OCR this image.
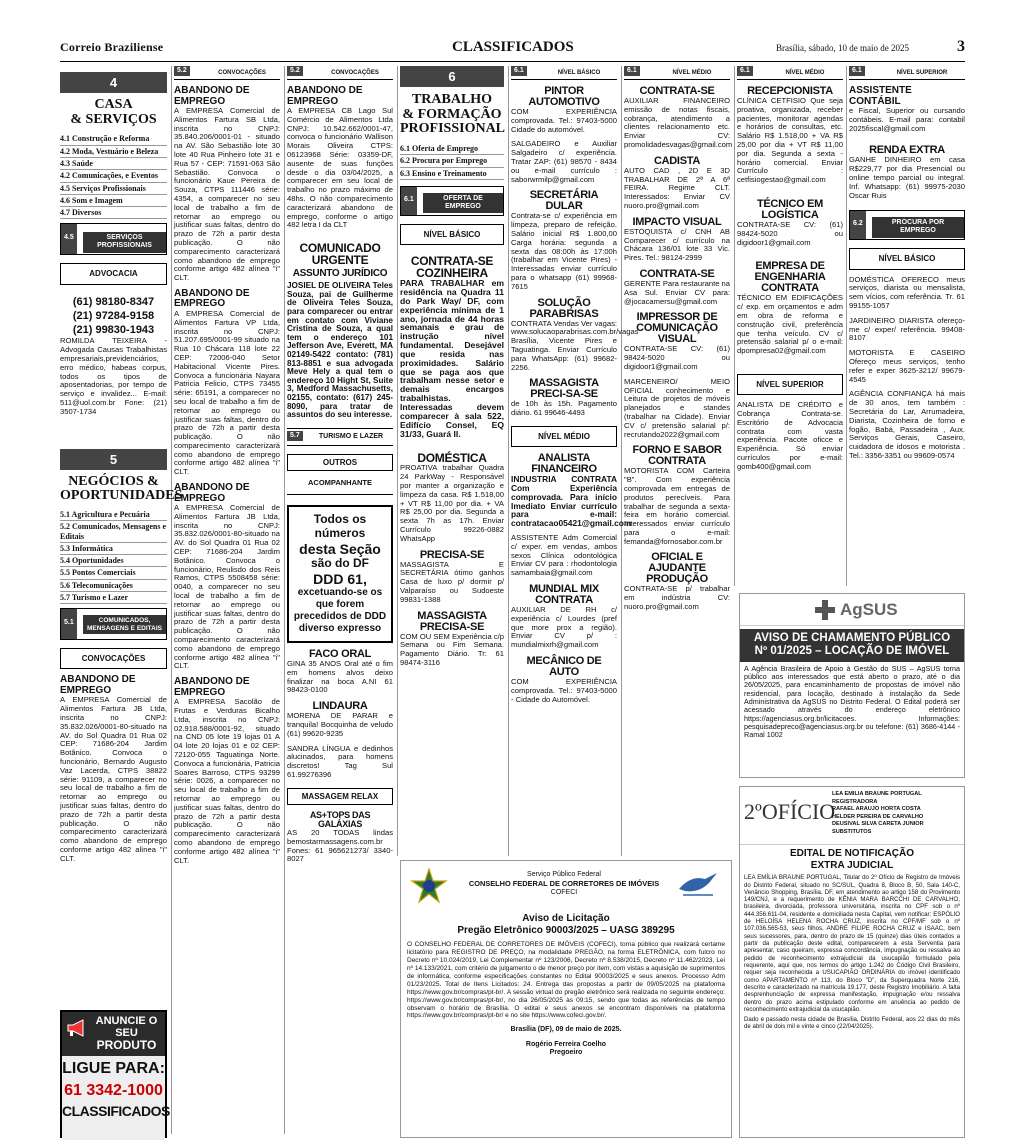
Correio Braziliense	CLASSIFICADOS	Brasília, sábado, 10 de maio de 2025	3
4
CASA
& SERVIÇOS
4.1 Construção e Reforma
4.2 Moda, Vestuário e Beleza
4.3 Saúde
4.2 Comunicações, e Eventos
4.5 Serviços Profissionais
4.6 Som e Imagem
4.7 Diversos
4.5	SERVIÇOS PROFISSIONAIS
ADVOCACIA
(61) 98180-8347
(21) 97284-9158
(21) 99830-1943
ROMILDA TEIXEIRA - Advogada Causas Trabalhistas empresariais,previdenciários, erro médico, habeas corpus, todos os tipos de aposentadorias, por tempo de serviço e invalidez... E-mail: 511@uol.com.br Fone: (21) 3507-1734
5
NEGÓCIOS &
OPORTUNIDADES
5.1 Agricultura e Pecuária
5.2 Comunicados, Mensagens e Editais
5.3 Informática
5.4 Oportunidades
5.5 Pontos Comerciais
5.6 Telecomunicações
5.7 Turismo e Lazer
5.1	COMUNICADOS, MENSAGENS E EDITAIS
CONVOCAÇÕES
ABANDONO DE EMPREGO
A EMPRESA Comercial de Alimentos Fartura JB Ltda, inscrita no CNPJ: 35.832.026/0001-80-situado na AV. do Sol Quadra 01 Rua 02 CEP: 71686-204 Jardim Botânico. Convoca o funcionário, Bernardo Augusto Vaz Lacerda, CTPS 38822 série: 91109, a comparecer no seu local de trabalho a fim de retornar ao emprego ou justificar suas faltas, dentro do prazo de 72h a partir desta publicação. O não comparecimento caracterizará como abandono de emprego conforme artigo 482 alínea "i" CLT.
ANUNCIE O SEU
PRODUTO
LIGUE PARA:
61 3342-1000
CLASSIFICADOS
5.2	CONVOCAÇÕES
ABANDONO DE EMPREGO
A EMPRESA Comercial de Alimentos Fartura SB Ltda, inscrita no CNPJ: 35.840.206/0001-01 - situado na AV. São Sebastião lote 30 lote 40 Rua Pinheiro lote 31 e Rua 57 - CEP: 71591-063 São Sebastião. Convoca o funcionário Kaue Pereira de Souza, CTPS 111446 série: 4354, a comparecer no seu local de trabalho a fim de retornar ao emprego ou justificar suas faltas, dentro do prazo de 72h a partir desta publicação. O não comparecimento caracterizará como abandono de emprego conforme artigo 482 alínea "i" CLT.
ABANDONO DE EMPREGO
A EMPRESA Comercial de Alimentos Fartura VP Ltda, inscrita no CNPJ: 51.207.695/0001-99 situado na Rua 10 Chácara 118 lote 22 CEP: 72006-040 Setor Habitacional Vicente Pires. Convoca a funcionária Nayara Patricia Felicio, CTPS 73455 série: 65191, a comparecer no seu local de trabalho a fim de retornar ao emprego ou justificar suas faltas, dentro do prazo de 72h a partir desta publicação. O não comparecimento caracterizará como abandono de emprego conforme artigo 482 alínea "i" CLT.
ABANDONO DE EMPREGO
A EMPRESA Comercial de Alimentos Fartura JB Ltda, inscrita no CNPJ: 35.832.026/0001-80-situado na AV. do Sol Quadra 01 Rua 02 CEP: 71686-204 Jardim Botânico. Convoca o funcionário, Reulisdo dos Reis Ramos, CTPS 5508458 série: 0040, a comparecer no seu local de trabalho a fim de retornar ao emprego ou justificar suas faltas, dentro do prazo de 72h a partir desta publicação. O não comparecimento caracterizará como abandono de emprego conforme artigo 482 alínea "i" CLT.
ABANDONO DE EMPREGO
A EMPRESA Sacolão de Frutas e Verduras Bicalho Ltda, inscrita no CNPJ: 02.918.588/0001-92, situado na CND 05 lote 19 lojas 01 A 04 lote 20 lojas 01 e 02 CEP: 72120-055 Taguatinga Norte. Convoca a funcionária, Patricia Soares Barroso, CTPS 93299 série: 0026, a comparecer no seu local de trabalho a fim de retornar ao emprego ou justificar suas faltas, dentro do prazo de 72h a partir desta publicação. O não comparecimento caracterizará como abandono de emprego conforme artigo 482 alínea "i" CLT.
5.2	CONVOCAÇÕES
ABANDONO DE EMPREGO
A EMPRESA CB Lago Sul Comércio de Alimentos Ltda CNPJ: 10.542.662/0001-47, convoca o funcionário Wallison Morais Oliveira CTPS: 06123968 Série: 03359-DF, ausente de suas funções desde o dia 03/04/2025, a comparecer em seu local de trabalho no prazo máximo de 48hs. O não comparecimento caracterizará abandono de emprego, conforme o artigo 482 letra I da CLT
COMUNICADO URGENTE
ASSUNTO JURÍDICO
JOSIEL DE OLIVEIRA Teles Souza, pai de Guilherme de Oliveira Teles Souza, para comparecer ou entrar em contato com Viviane Cristina de Souza, a qual tem o endereço 101 Jefferson Ave, Everett, MA 02149-5422 contato: (781) 813-8851 e sua advogada Meve Hely a qual tem o endereço 10 Hight St, Suite 3, Medford Massachusetts, 02155, contato: (617) 245-8090, para tratar de assuntos do seu interesse.
5.7	TURISMO E LAZER
OUTROS
ACOMPANHANTE
Todos os
números
desta Seção
são do DF
DDD 61,
excetuando-se os que forem precedidos de DDD diverso expresso
FACO ORAL
GINA 35 ANOS Oral até o fim em homens alvos deixo finalizar na boca A.NI 61 98423-0100
LINDAURA
MORENA DE PARAR e tranquila! Bocquinha de veludo (61) 99620-9235
SANDRA LÍNGUA e dedinhos alucinados, para homens discretos! Tag Sul 61.99276396
MASSAGEM RELAX
AS+TOPS DAS GALÁXIAS
AS 20 TODAS lindas bemostarmassagens.com.br Fones: 61 965621273/ 3340-8027
6
TRABALHO
& FORMAÇÃO
PROFISSIONAL
6.1 Oferta de Emprego
6.2 Procura por Emprego
6.3 Ensino e Treinamento
6.1	OFERTA DE EMPREGO
NÍVEL BÁSICO
CONTRATA-SE COZINHEIRA
PARA TRABALHAR em residência na Quadra 11 do Park Way/ DF, com experiência mínima de 1 ano, jornada de 44 horas semanais e grau de instrução nível fundamental. Desejável que resida nas proximidades. Salário que se paga aos que trabalham nesse setor e demais encargos trabalhistas. Interessadas devem comparecer à sala 522, Edifício Consel, EQ 31/33, Guará II.
DOMÉSTICA
PROATIVA trabalhar Quadra 24 ParkWay - Responsável por manter a organização e limpeza da casa. R$ 1.518,00 + VT R$ 11,00 por dia. + VA R$ 25,00 por dia. Segunda a sexta 7h as 17h. Enviar Currículo 99226-0882 WhatsApp
PRECISA-SE
MASSAGISTA E SECRETÁRIA ótimo ganhos Casa de luxo p/ dormir p/ Valparaíso ou Sudoeste 99831-1388
MASSAGISTA PRECISA-SE
COM OU SEM Experiência c/p Semana ou Fim Semana. Pagamento Diário. Tr: 61 98474-3116
6.1	NÍVEL BÁSICO
PINTOR AUTOMOTIVO
COM EXPERIÊNCIA comprovada. Tel.: 97403-5000 Cidade do automóvel.
SALGADEIRO e Auxiliar Salgadeiro c/ experiência. Tratar ZAP: (61) 98570 - 8434 ou e-mail currículo : saborwrmilp@gmail.com
SECRETÁRIA DULAR
Contrata-se c/ experiência em limpeza, preparo de refeição. Salário inicial R$ 1.800,00 Carga horária: segunda a sexta das 08:00h às 17:00h (trabalhar em Vicente Pires) - Interessadas enviar currículo para o whatsapp (61) 99968-7615
SOLUÇÃO PARABRISAS
CONTRATA Vendas Ver vagas: www.solucaoparabrisas.com.br/vagas Brasília, Vicente Pires e Taguatinga. Enviar Currículo para WhatsApp: (61) 99682-2256.
MASSAGISTA PRECI-SA-SE
de 10h às 15h. Pagamento diário. 61 99646-4493
NÍVEL MÉDIO
ANALISTA FINANCEIRO
INDUSTRIA CONTRATA Com Experiência comprovada. Para início Imediato Enviar currículo para e-mail: contratacao05421@gmail.com
ASSISTENTE Adm Comercial c/ exper. em vendas, ambos sexos Clínica odontológica Enviar CV para : rhodontologia samambaia@gmail.com
MUNDIAL MIX CONTRATA
AUXILIAR DE RH c/ experiência c/ Lourdes (pref que more prox a região). Enviar CV p/ : mundialmixrh@gmail.com
MECÂNICO DE AUTO
COM EXPERIÊNCIA comprovada. Tel.: 97403-5000 - Cidade do Automóvel.
6.1	NÍVEL MÉDIO
CONTRATA-SE
AUXILIAR FINANCEIRO emissão de notas fiscais, cobrança, atendimento a clientes relacionamento etc. Enviar CV: promolidadesvagas@gmail.com
CADISTA
AUTO CAD , 2D E 3D TRABALHAR DE 2ª A 6ª FEIRA. Regime CLT. Interessados: Enviar CV nuoro.pro@gmail.com
IMPACTO VISUAL
ESTOQUISTA c/ CNH AB Comparecer c/ currículo na Chácara 136/01 lote 33 Vic. Pires. Tel.: 98124-2999
CONTRATA-SE
GERENTE Para restaurante na Asa Sul. Enviar CV para: @jocacamersu@gmail.com
IMPRESSOR DE COMUNICAÇÃO VISUAL
CONTRATA-SE CV: (61) 98424-5020 ou digidoor1@gmail.com
MARCENEIRO/ MEIO OFICIAL conhecimento e Leitura de projetos de móveis planejados e standes (trabalhar na Cidade). Enviar CV c/ pretensão salarial p/: recrutando2022@gmail.com
FORNO E SABOR CONTRATA
MOTORISTA COM Carteira "B". Com experiência comprovada em entregas de produtos perecíveis. Para trabalhar de segunda a sexta-feira em horário comercial. Interessados enviar currículo para o e-mail: femanda@fornosabor.com.br
OFICIAL E AJUDANTE PRODUÇÃO
CONTRATA-SE p/ trabalhar em indústria CV: nuoro.pro@gmail.com
6.1	NÍVEL MÉDIO
RECEPCIONISTA
CLÍNICA CETFISIO Que seja proativa, organizada, receber pacientes, monitorar agendas e horários de consultas, etc. Salário R$ 1.518,00 + VA R$ 25,00 por dia + VT R$ 11,00 por dia. Segunda a sexta - horário comercial. Enviar Currículo : cetfisiogestao@gmail.com
TÉCNICO EM LOGÍSTICA
CONTRATA-SE CV: (61) 98424-5020 ou digidoor1@gmail.com
EMPRESA DE ENGENHARIA CONTRATA
TÉCNICO EM EDIFICAÇÕES c/ exp. em orçamentos e adm em obra de reforma e construção civil, preferência que tenha veículo. CV c/ pretensão salarial p/ o e-mail: dpompresa02@gmail.com
NÍVEL SUPERIOR
ANALISTA DE CRÉDITO e Cobrança Contrata-se. Escritório de Advocacia contrata com vasta experiência. Pacote oficce e Experiência. Só enviar currículos por e-mail: gomb400@gmail.com
6.1	NÍVEL SUPERIOR
ASSISTENTE CONTÁBIL
e Fiscal, Superior ou cursando contábeis. E-mail para: contabil 2025fiscal@gmail.com
RENDA EXTRA
GANHE DINHEIRO em casa R$229,77 por dia Presencial ou online tempo parcial ou integral. Inf. Whatsapp: (61) 99975-2030 Oscar Ruis
6.2	PROCURA POR EMPREGO
NÍVEL BÁSICO
DOMÉSTICA OFERECO meus serviços, diarista ou mensalista, sem vícios, com referência. Tr. 61 99155-1057
JARDINEIRO DIARISTA ofereço-me c/ exper/ referência. 99408-8107
MOTORISTA E CASEIRO Ofereço meus serviços, tenho refer e exper 3625-3212/ 99679-4545
AGÊNCIA CONFIANÇA há mais de 30 anos, tem também : Secretária do Lar, Arrumadeira, Diarista, Cozinheira de forno e fogão, Babá, Passadeira , Aux. Serviços Gerais, Caseiro, cuidadora de idosos e motorista . Tel.: 3356-3351 ou 99609-0574
AgSUS
AVISO DE CHAMAMENTO PÚBLICO
Nº 01/2025 – LOCAÇÃO DE IMÓVEL
A Agência Brasileira de Apoio à Gestão do SUS – AgSUS torna público aos interessados que está aberto o prazo, até o dia 26/05/2025, para encaminhamento de propostas de imóvel não residencial, para locação, destinado à instalação da Sede Administrativa da AgSUS no Distrito Federal. O Edital poderá ser acessado através do endereço eletrônico https://agenciasus.org.br/licitacoes. Informações: pesquisadepreco@agenciasus.org.br ou telefone: (61) 3686-4144 - Ramal 1002
2ºOFÍCIO
LEA EMILIA BRAUNE PORTUGAL
REGISTRADORA
RAFAEL ARAUJO HORTA COSTA
HELDER PEREIRA DE CARVALHO
DEUSIVAL SILVA CARETA JUNIOR
SUBSTITUTOS
EDITAL DE NOTIFICAÇÃO
EXTRA JUDICIAL
LEA EMÍLIA BRAUNE PORTUGAL, Titular do 2º Ofício de Registro de Imóveis do Distrito Federal, situado no SC/SUL, Quadra 8, Bloco B, 50, Sala 140-C, Venâncio Shopping, Brasília, DF, em atendimento ao artigo 158 do Provimento 149/CNJ, e a requerimento de KÊNIA MARA BARCCHI DE CARVALHO, brasileira, divorciada, professora universitária, inscrita no CPF sob o nº 444.356.611-04, residente e domiciliada nesta Capital, vem notificar: ESPÓLIO de HELOÍSA HELENA ROCHA CRUZ, inscrita no CPF/MF sob o nº 107.036.565-53, seus filhos, ANDRÉ FILIPE ROCHA CRUZ e ISAAC, bem seus sucessores, para, dentro do prazo de 15 (quinze) dias úteis contados a partir da publicação deste edital, comparecerem a esta Serventia para apresentar, caso queiram, expressa concordância, impugnação ou ressalva ao pedido de reconhecimento extrajudicial da usucapião formulado pela requerente, aqui que, nos termos do artigo 1.242 do Código Civil Brasileiro, requer seja reconhecida a USUCAPIÃO ORDINÁRIA do imóvel identificado como APARTAMENTO nº 113, do Bloco "D", da Superquadra Norte 216, descrito e caracterizado na matrícula 19.177, deste Registro Imobiliário. A falta desprenhunciação de expressa manifestação, impugnação e/ou ressalva dentro do prazo acima estipulado conforme em anuência ao pedido de reconhecimento extrajudicial da usucapião.
Dado e passado nesta cidade de Brasília, Distrito Federal, aos 22 dias do mês de abril de dois mil e vinte e cinco (22/04/2025).
Serviço Público Federal
CONSELHO FEDERAL DE CORRETORES DE IMÓVEIS
COFECI
Aviso de Licitação
Pregão Eletrônico 90003/2025 – UASG 389295
O CONSELHO FEDERAL DE CORRETORES DE IMÓVEIS (COFECI), torna público que realizará certame licitatório para REGISTRO DE PREÇO, na modalidade PREGÃO, na forma ELETRÔNICA, com fulcro no Decreto nº 10.024/2019, Lei Complementar nº 123/2006, Decreto nº 8.538/2015, Decreto nº 11.462/2023, Lei nº 14.133/2021, com critério de julgamento o de menor preço por item, com vistas a aquisição de suprimentos de informática, conforme especificações constantes no Edital 90003/2025 e seus anexos. Processo Adm 01/23/2025. Total de Itens Licitados: 24. Entrega das propostas a partir de 09/05/2025 na plataforma https://www.gov.br/compras/pt-br/. A sessão virtual do pregão eletrônico será realizada no seguinte endereço: https://www.gov.br/compras/pt-br/, no dia 26/05/2025 às 09:15, sendo que todas as referências de tempo observam o horário de Brasília. O edital e seus anexos se encontram disponíveis na plataforma https://www.gov.br/compras/pt-br/ e no site https://www.cofeci.gov.br/.
Brasília (DF), 09 de maio de 2025.
Rogério Ferreira Coelho
Pregoeiro
